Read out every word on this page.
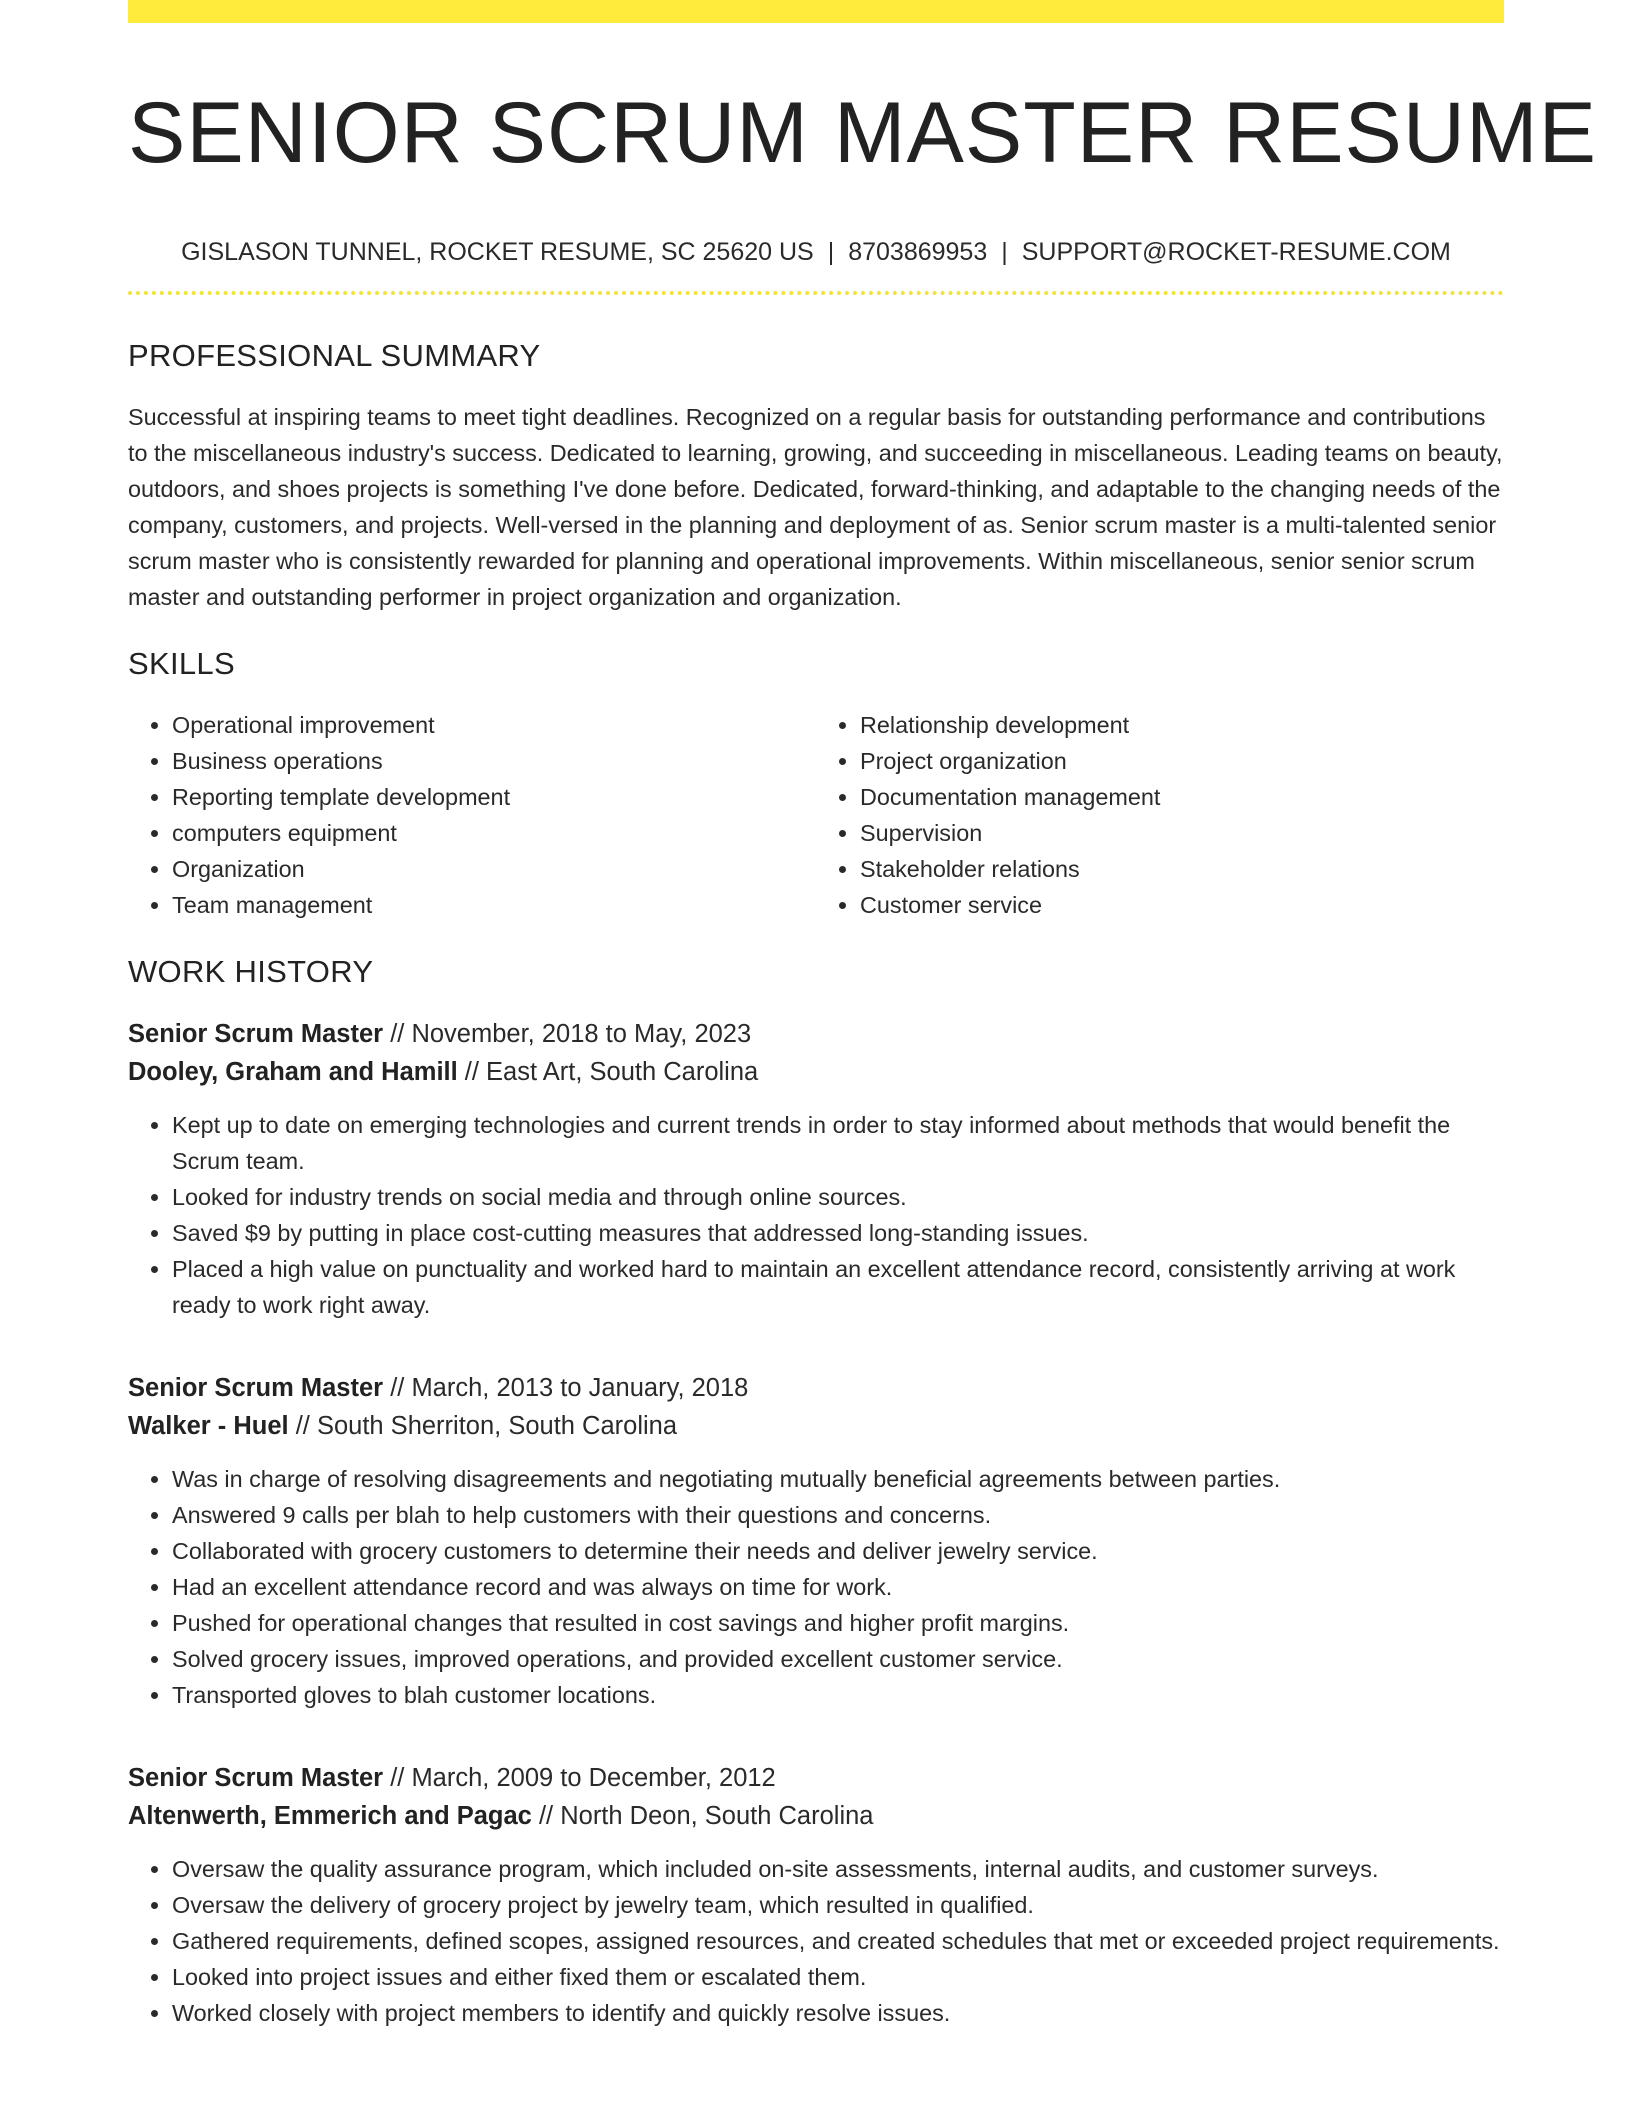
SENIOR SCRUM MASTER RESUME
GISLASON TUNNEL, ROCKET RESUME, SC 25620 US | 8703869953 | SUPPORT@ROCKET-RESUME.COM
PROFESSIONAL SUMMARY

Successful at inspiring teams to meet tight deadlines. Recognized on a regular basis for outstanding performance and contributions to the miscellaneous industry's success. Dedicated to learning, growing, and succeeding in miscellaneous. Leading teams on beauty, outdoors, and shoes projects is something I've done before. Dedicated, forward-thinking, and adaptable to the changing needs of the company, customers, and projects. Well-versed in the planning and deployment of as. Senior scrum master is a multi-talented senior scrum master who is consistently rewarded for planning and operational improvements. Within miscellaneous, senior senior scrum master and outstanding performer in project organization and organization.

SKILLS
• Operational improvement
• Business operations
• Reporting template development
• computers equipment
• Organization
• Team management
• Relationship development
• Project organization
• Documentation management
• Supervision
• Stakeholder relations
• Customer service
WORK HISTORY
Senior Scrum Master // November, 2018 to May, 2023
Dooley, Graham and Hamill // East Art, South Carolina
• Kept up to date on emerging technologies and current trends in order to stay informed about methods that would benefit the Scrum team.
• Looked for industry trends on social media and through online sources.
• Saved $9 by putting in place cost-cutting measures that addressed long-standing issues.
• Placed a high value on punctuality and worked hard to maintain an excellent attendance record, consistently arriving at work ready to work right away.
Senior Scrum Master // March, 2013 to January, 2018
Walker - Huel // South Sherriton, South Carolina
• Was in charge of resolving disagreements and negotiating mutually beneficial agreements between parties.
• Answered 9 calls per blah to help customers with their questions and concerns.
• Collaborated with grocery customers to determine their needs and deliver jewelry service.
• Had an excellent attendance record and was always on time for work.
• Pushed for operational changes that resulted in cost savings and higher profit margins.
• Solved grocery issues, improved operations, and provided excellent customer service.
• Transported gloves to blah customer locations.
Senior Scrum Master // March, 2009 to December, 2012
Altenwerth, Emmerich and Pagac // North Deon, South Carolina
• Oversaw the quality assurance program, which included on-site assessments, internal audits, and customer surveys.
• Oversaw the delivery of grocery project by jewelry team, which resulted in qualified.
• Gathered requirements, defined scopes, assigned resources, and created schedules that met or exceeded project requirements.
• Looked into project issues and either fixed them or escalated them.
• Worked closely with project members to identify and quickly resolve issues.
